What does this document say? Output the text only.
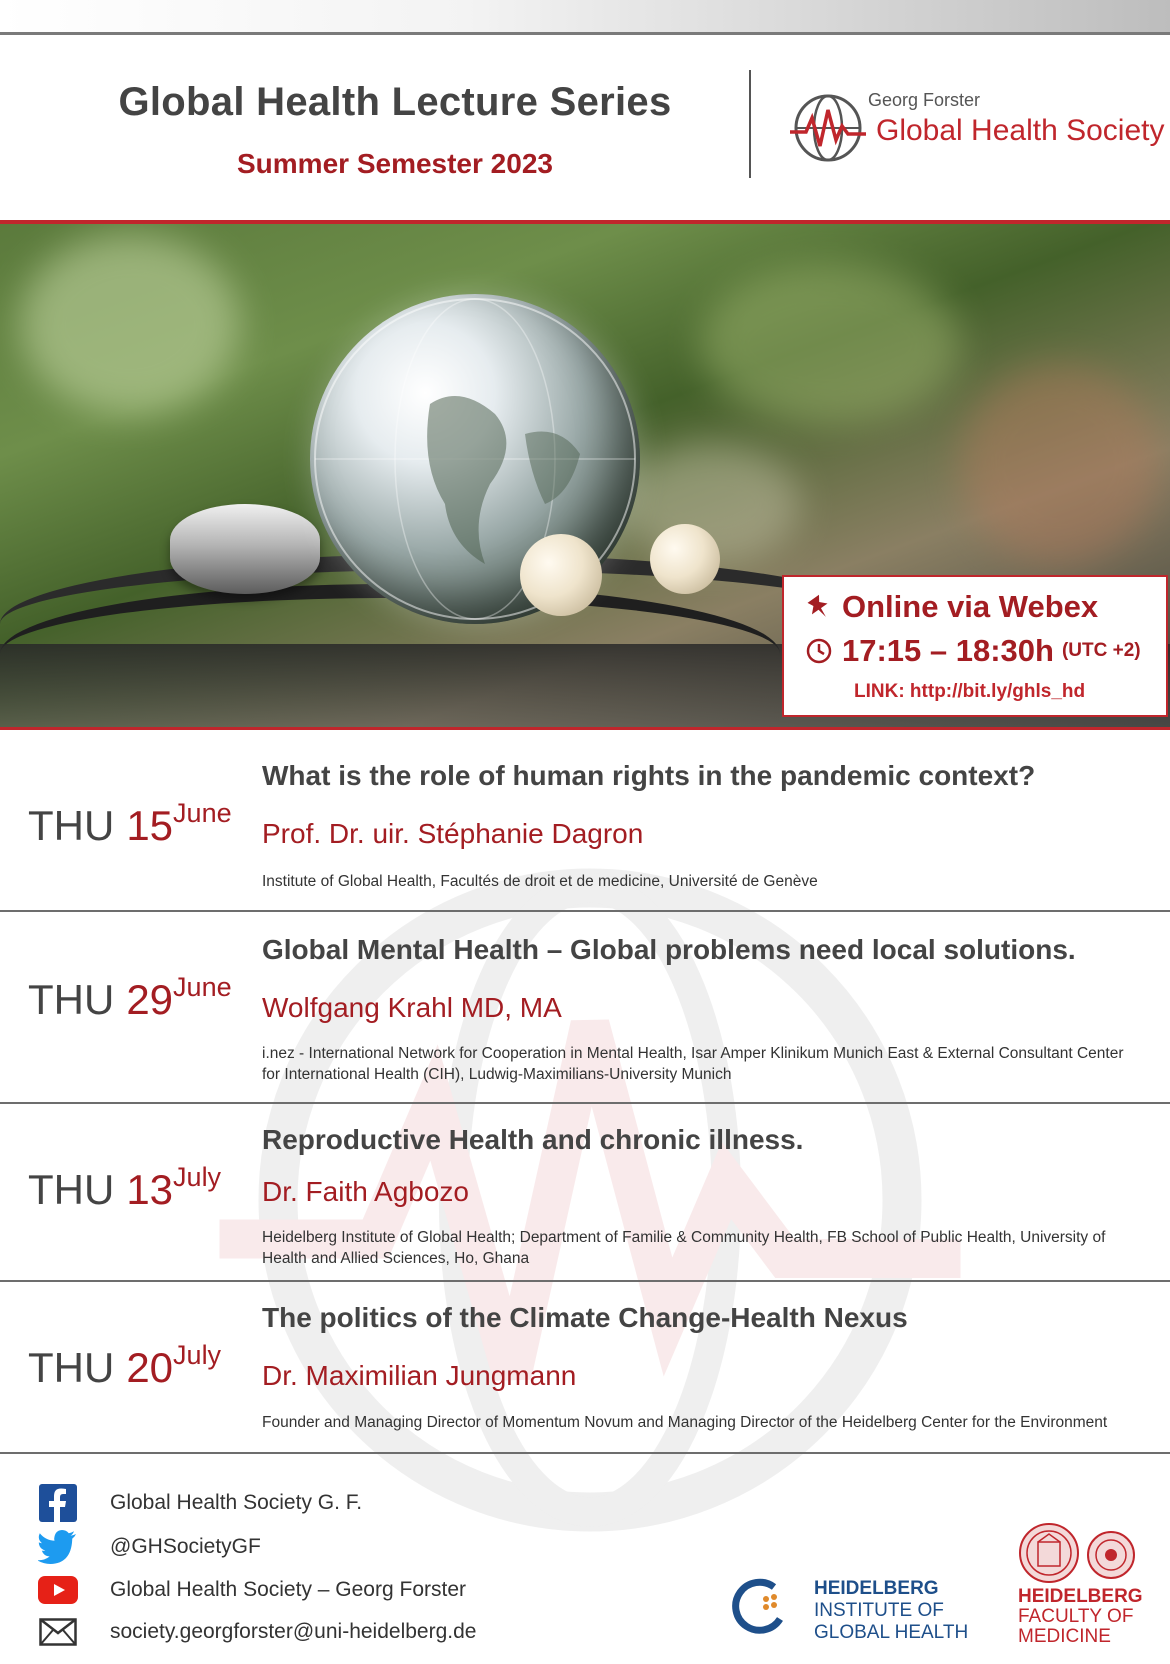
Global Health Lecture Series
Summer Semester 2023
Georg Forster
Global Health Society
Online via Webex
17:15 – 18:30h (UTC +2)
LINK: http://bit.ly/ghls_hd
What is the role of human rights in the pandemic context?
THU $15^{June}$
Prof. Dr. uir. Stéphanie Dagron
Institute of Global Health, Facultés de droit et de medicine, Université de Genève
Global Mental Health – Global problems need local solutions.
THU $29^{June}$
Wolfgang Krahl MD, MA
i.nez - International Network for Cooperation in Mental Health, Isar Amper Klinikum Munich East & External Consultant Center for International Health (CIH), Ludwig-Maximilians-University Munich
Reproductive Health and chronic illness.
THU $13^{July}$ Dr. Faith Agbozo
Heidelberg Institute of Global Health; Department of Familie & Community Health, FB School of Public Health, University of Health and Allied Sciences, Ho, Ghana
The politics of the Climate Change-Health Nexus
THU $20^{July}$
Dr. Maximilian Jungmann
Founder and Managing Director of Momentum Novum and Managing Director of the Heidelberg Center for the Environment
Global Health Society G. F.
@GHSocietyGF
Global Health Society – Georg Forster
society.georgforster@uni-heidelberg.de
HEIDELBERG
INSTITUTE OF
GLOBAL HEALTH
HEIDELBERG
FACULTY OF
MEDICINE
